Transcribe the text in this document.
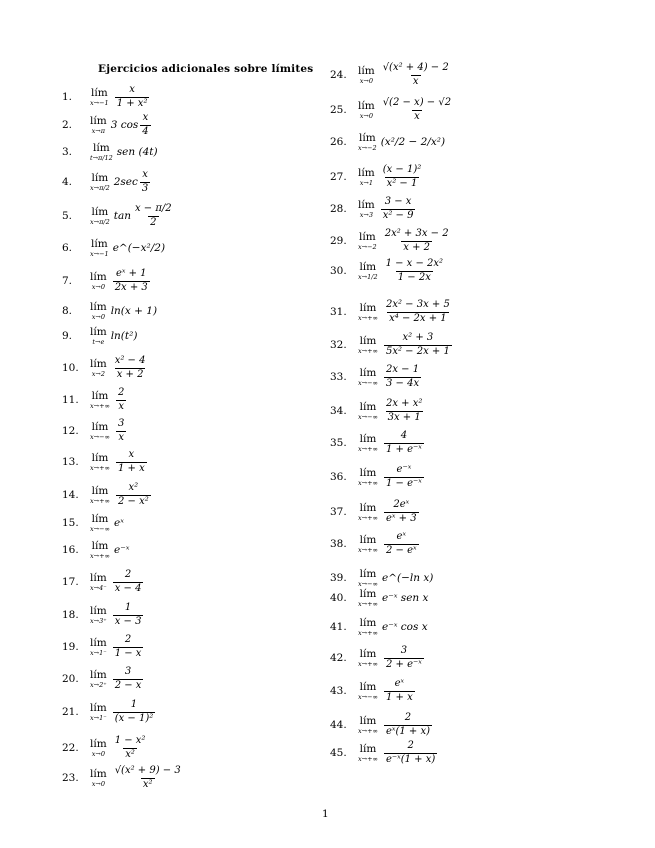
Ejercicios adicionales sobre límites
1.	lím
$x\to-1 \frac{x}{\text{1 + x²}}$
2.	lím
x→π 3 $\cos \frac{x}{4}$
3.	lím
t→π/12 sen (4t)
4.	lím
x→π/2 $2\sec \frac{x}{3}$
5.	lím
x→π/2 $\tan \frac{x - \pi/2}{2}$
6.	lím
x→−1 e^(−x²/2)
7.	lím
$x\to 0 \frac{\text{eˣ + 1}}{2x + 3}$
8.	lím
x→0 ln(x + 1)
9.	lím
t→e ln(t²)
10.	lím
$x\to 2 \frac{\text{x² − 4}}{x + 2}$
11.	lím
$x\to+\infty \frac{2}{x}$
12.	lím
$x\to-\infty \frac{3}{x}$
13.	lím
$x\to+\infty \frac{x}{1 + x}$
14.	lím
$x\to+\infty \frac{\text{x²}}{\text{2 − x²}}$
15.	lím
x→−∞ eˣ
16.	lím
x→+∞ e⁻ˣ
17.	lím
$x\to 4^- \frac{2}{x - 4}$
18.	lím
$x\to 3^+ \frac{1}{x - 3}$
19.	lím
$x\to 1^- \frac{2}{1 - x}$
20.	lím
$x\to 2^+ \frac{3}{2 - x}$
21.	lím
$x\to 1^- \frac{1}{\text{(x − 1)²}}$
22.	lím
$x\to 0 \frac{\text{1 − x²}}{\text{x²}}$
23.	lím
$x\to 0 \frac{\text{√(x² + 9) − 3}}{\text{x²}}$
24.	lím
$x\to 0 \frac{\text{√(x² + 4) − 2}}{x}$
25.	lím
$x\to 0 \frac{√(2 - x) - √2}{x}$
26.	lím
x→−2 (x²/2 − 2/x²)
27.	lím
$x\to 1 \frac{\text{(x − 1)²}}{\text{x² − 1}}$
28.	lím
$x\to 3 \frac{3 - x}{\text{x² − 9}}$
29.	lím
$x\to-2 \frac{\text{2x² + 3x − 2}}{x + 2}$
30.	lím
$x\to 1/2 \frac{\text{1 − x − 2x²}}{1 - 2x}$
31.	lím
$x\to+\infty \frac{\text{2x² − 3x + 5}}{\text{x⁴ − 2x + 1}}$
32.	lím
$x\to+\infty \frac{\text{x² + 3}}{\text{5x² − 2x + 1}}$
33.	lím
$x\to-\infty \frac{2x - 1}{3 - 4x}$
34.	lím
$x\to-\infty \frac{\text{2x + x²}}{3x + 1}$
35.	lím
$x\to+\infty \frac{4}{\text{1 + e⁻ˣ}}$
36.	lím
$x\to+\infty \frac{\text{e⁻ˣ}}{\text{1 − e⁻ˣ}}$
37.	lím
$x\to+\infty \frac{\text{2eˣ}}{\text{eˣ + 3}}$
38.	lím
$x\to+\infty \frac{\text{eˣ}}{\text{2 − eˣ}}$
39.	lím
x→−∞ e^(−ln x)
40.	lím
x→+∞ e⁻ˣ sen x
41.	lím
x→+∞ e⁻ˣ cos x
42.	lím
$x\to+\infty \frac{3}{\text{2 + e⁻ˣ}}$
43.	lím
$x\to-\infty \frac{\text{eˣ}}{1 + x}$
44.	lím
$x\to+\infty \frac{2}{\text{eˣ(1 + x)}}$
45.	lím
$x\to+\infty \frac{2}{\text{e⁻ˣ(1 + x)}}$
1
